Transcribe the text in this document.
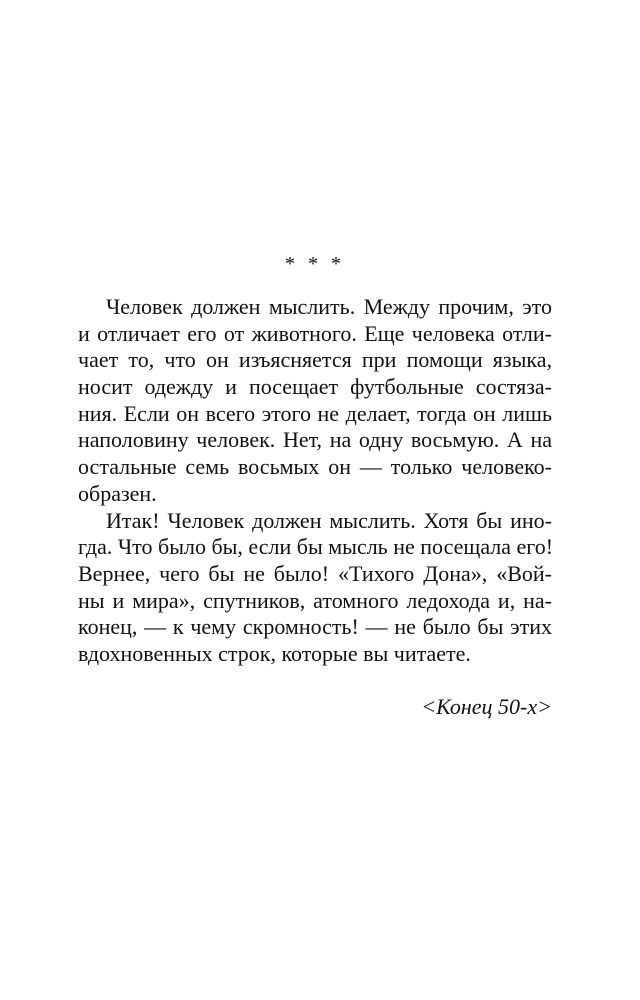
* * *
Человек должен мыслить. Между прочим, это
и отличает его от животного. Еще человека отли-
чает то, что он изъясняется при помощи языка,
носит одежду и посещает футбольные состяза-
ния. Если он всего этого не делает, тогда он лишь
наполовину человек. Нет, на одну восьмую. А на
остальные семь восьмых он — только человеко-
образен.
Итак! Человек должен мыслить. Хотя бы ино-
гда. Что было бы, если бы мысль не посещала его!
Вернее, чего бы не было! «Тихого Дона», «Вой-
ны и мира», спутников, атомного ледохода и, на-
конец, — к чему скромность! — не было бы этих
вдохновенных строк, которые вы читаете.
<Конец 50-х>
